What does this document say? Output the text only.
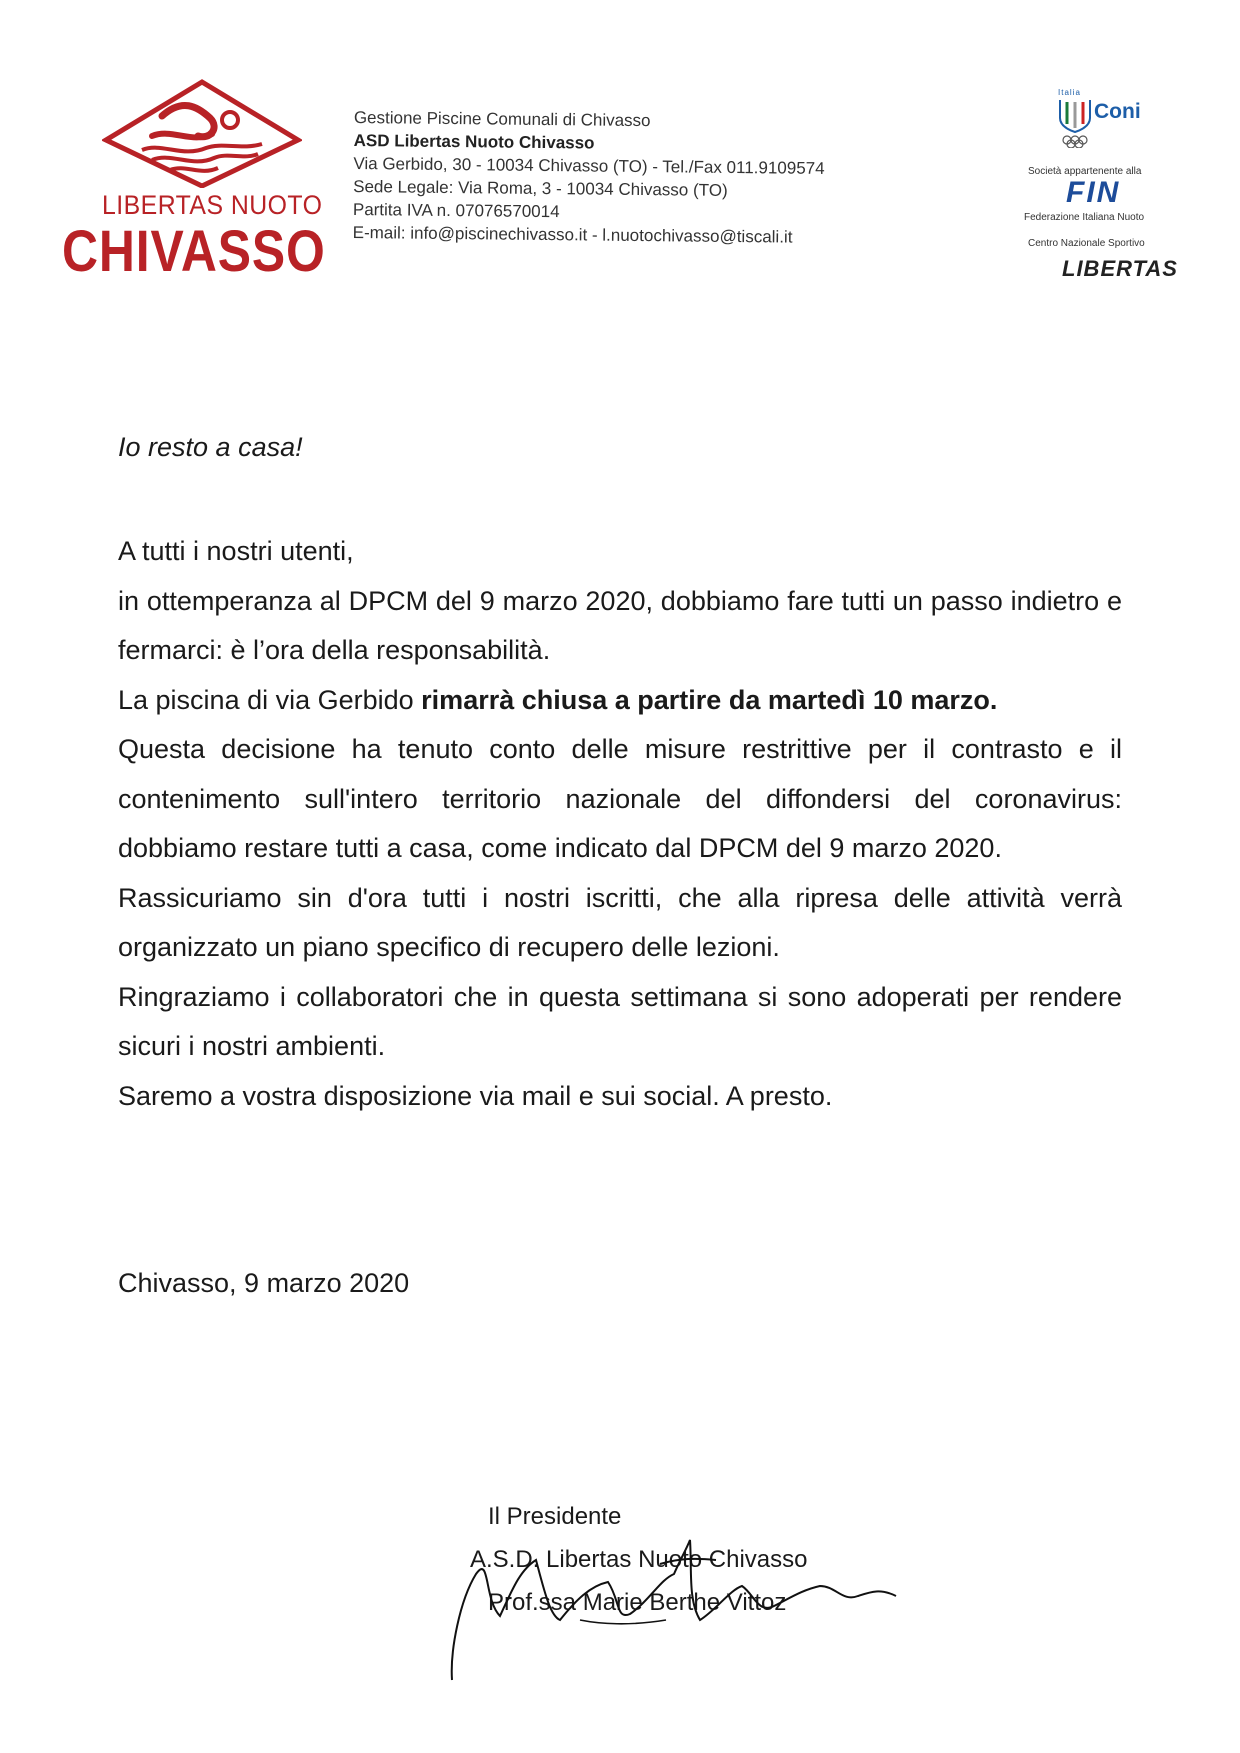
LIBERTAS NUOTO
CHIVASSO
Gestione Piscine Comunali di Chivasso
ASD Libertas Nuoto Chivasso
Via Gerbido, 30 - 10034 Chivasso (TO) - Tel./Fax 011.9109574
Sede Legale: Via Roma, 3 - 10034 Chivasso (TO)
Partita IVA n. 07076570014
E-mail: info@piscinechivasso.it - l.nuotochivasso@tiscali.it
Italia
Coni
Società appartenente alla
FIN
Federazione Italiana Nuoto
Centro Nazionale Sportivo
LIBERTAS
Io resto a casa!

A tutti i nostri utenti,

in ottemperanza al DPCM del 9 marzo 2020, dobbiamo fare tutti un passo indietro e fermarci: è l’ora della responsabilità.

La piscina di via Gerbido rimarrà chiusa a partire da martedì 10 marzo.

Questa decisione ha tenuto conto delle misure restrittive per il contrasto e il contenimento sull'intero territorio nazionale del diffondersi del coronavirus: dobbiamo restare tutti a casa, come indicato dal DPCM del 9 marzo 2020.

Rassicuriamo sin d'ora tutti i nostri iscritti, che alla ripresa delle attività verrà organizzato un piano specifico di recupero delle lezioni.

Ringraziamo i collaboratori che in questa settimana si sono adoperati per rendere sicuri i nostri ambienti.

Saremo a vostra disposizione via mail e sui social. A presto.

Chivasso, 9 marzo 2020
Il Presidente
A.S.D. Libertas Nuoto Chivasso
Prof.ssa Marie Berthe Vittoz
